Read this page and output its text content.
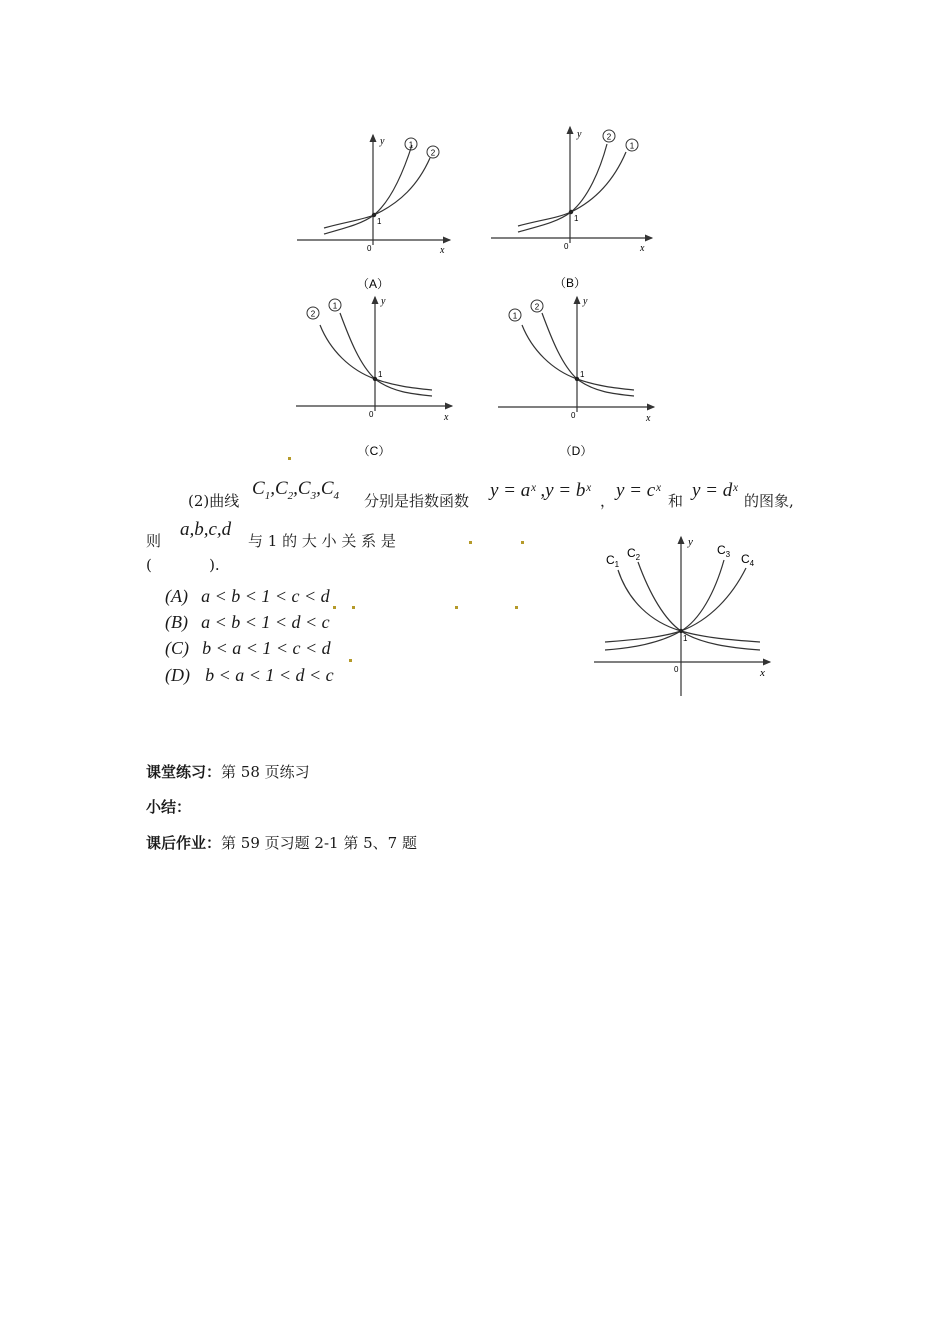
1
2
y
x
0
1
（A）
2
1
y
x
0
1
（B）
2
1	y
x
0
1
（C）
1
2	y
x
0
1
（D）
(2)曲线
$C_1,C_2,C_3,C_4$ 分别是指数函数 y = aˣ ,y = bˣ ， y = cˣ 和 y = dˣ 的图象,
则
a,b,c,d
与 1 的 大 小 关 系 是
(            ).
(A) a < b < 1 < c < d
(B) a < b < 1 < d < c
(C) b < a < 1 < c < d
(D) b < a < 1 < d < c
$C_1$
$C_2$
$C_3$ $C_4$
y
x
0
1
课堂练习：第 58 页练习
小结：
课后作业：第 59 页习题 2-1 第 5、7 题
